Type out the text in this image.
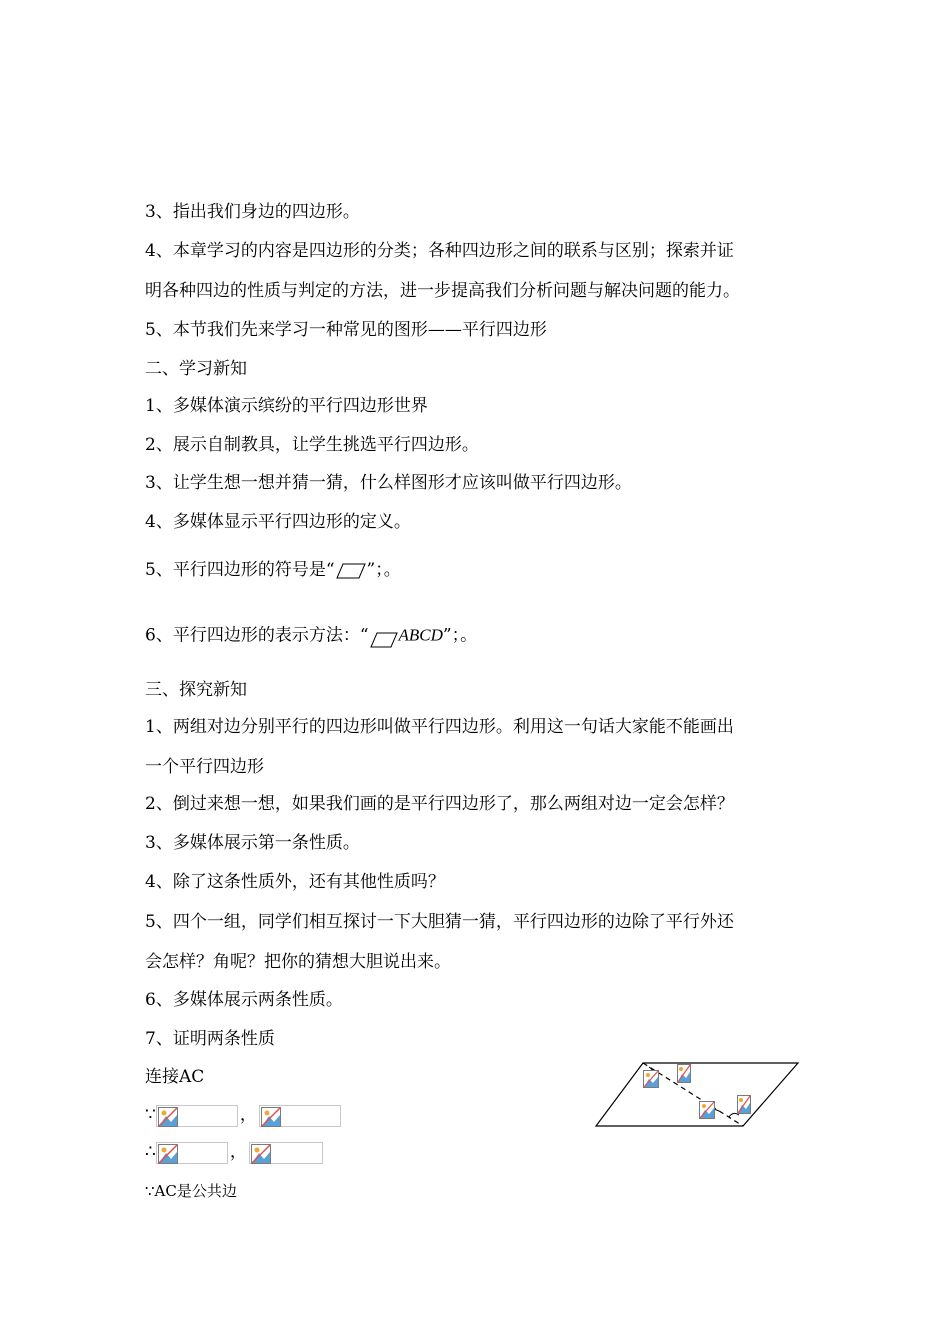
3、指出我们身边的四边形。
4、本章学习的内容是四边形的分类；各种四边形之间的联系与区别；探索并证
明各种四边的性质与判定的方法，进一步提高我们分析问题与解决问题的能力。
5、本节我们先来学习一种常见的图形——平行四边形
二、学习新知
1、多媒体演示缤纷的平行四边形世界
2、展示自制教具，让学生挑选平行四边形。
3、让学生想一想并猜一猜，什么样图形才应该叫做平行四边形。
4、多媒体显示平行四边形的定义。
5、平行四边形的符号是“ ”；。
6、平行四边形的表示方法：“ ABCD”；。
三、探究新知
1、两组对边分别平行的四边形叫做平行四边形。利用这一句话大家能不能画出
一个平行四边形
2、倒过来想一想，如果我们画的是平行四边形了，那么两组对边一定会怎样？
3、多媒体展示第一条性质。
4、除了这条性质外，还有其他性质吗？
5、四个一组，同学们相互探讨一下大胆猜一猜，平行四边形的边除了平行外还
会怎样？角呢？把你的猜想大胆说出来。
6、多媒体展示两条性质。
7、证明两条性质
连接AC
∵	，
∴	，
∵AC是公共边
